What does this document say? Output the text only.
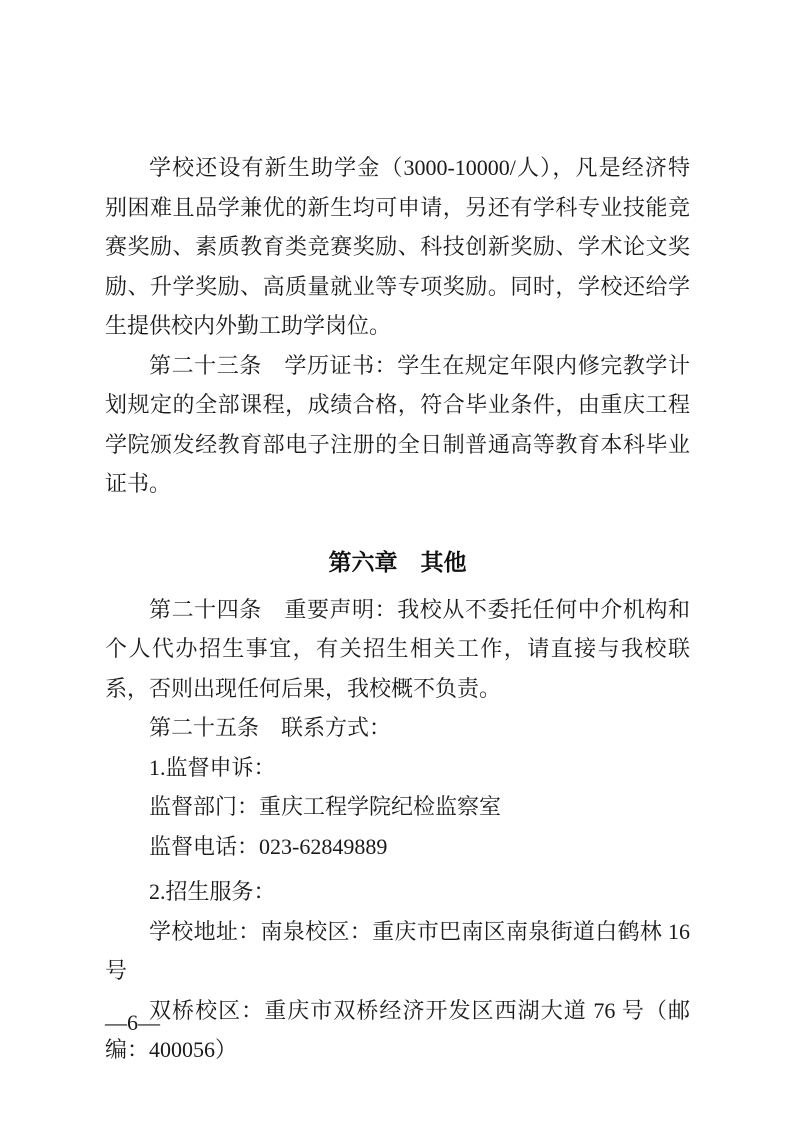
学校还设有新生助学金（3000-10000/人），凡是经济特别困难且品学兼优的新生均可申请，另还有学科专业技能竞赛奖励、素质教育类竞赛奖励、科技创新奖励、学术论文奖励、升学奖励、高质量就业等专项奖励。同时，学校还给学生提供校内外勤工助学岗位。

第二十三条　学历证书：学生在规定年限内修完教学计划规定的全部课程，成绩合格，符合毕业条件，由重庆工程学院颁发经教育部电子注册的全日制普通高等教育本科毕业证书。

第六章　其他

第二十四条　重要声明：我校从不委托任何中介机构和个人代办招生事宜，有关招生相关工作，请直接与我校联系，否则出现任何后果，我校概不负责。

第二十五条　联系方式：

1.监督申诉：

监督部门：重庆工程学院纪检监察室

监督电话：023-62849889

2.招生服务：

学校地址：南泉校区：重庆市巴南区南泉街道白鹤林 16 号

双桥校区：重庆市双桥经济开发区西湖大道 76 号（邮编：400056）

—6—
